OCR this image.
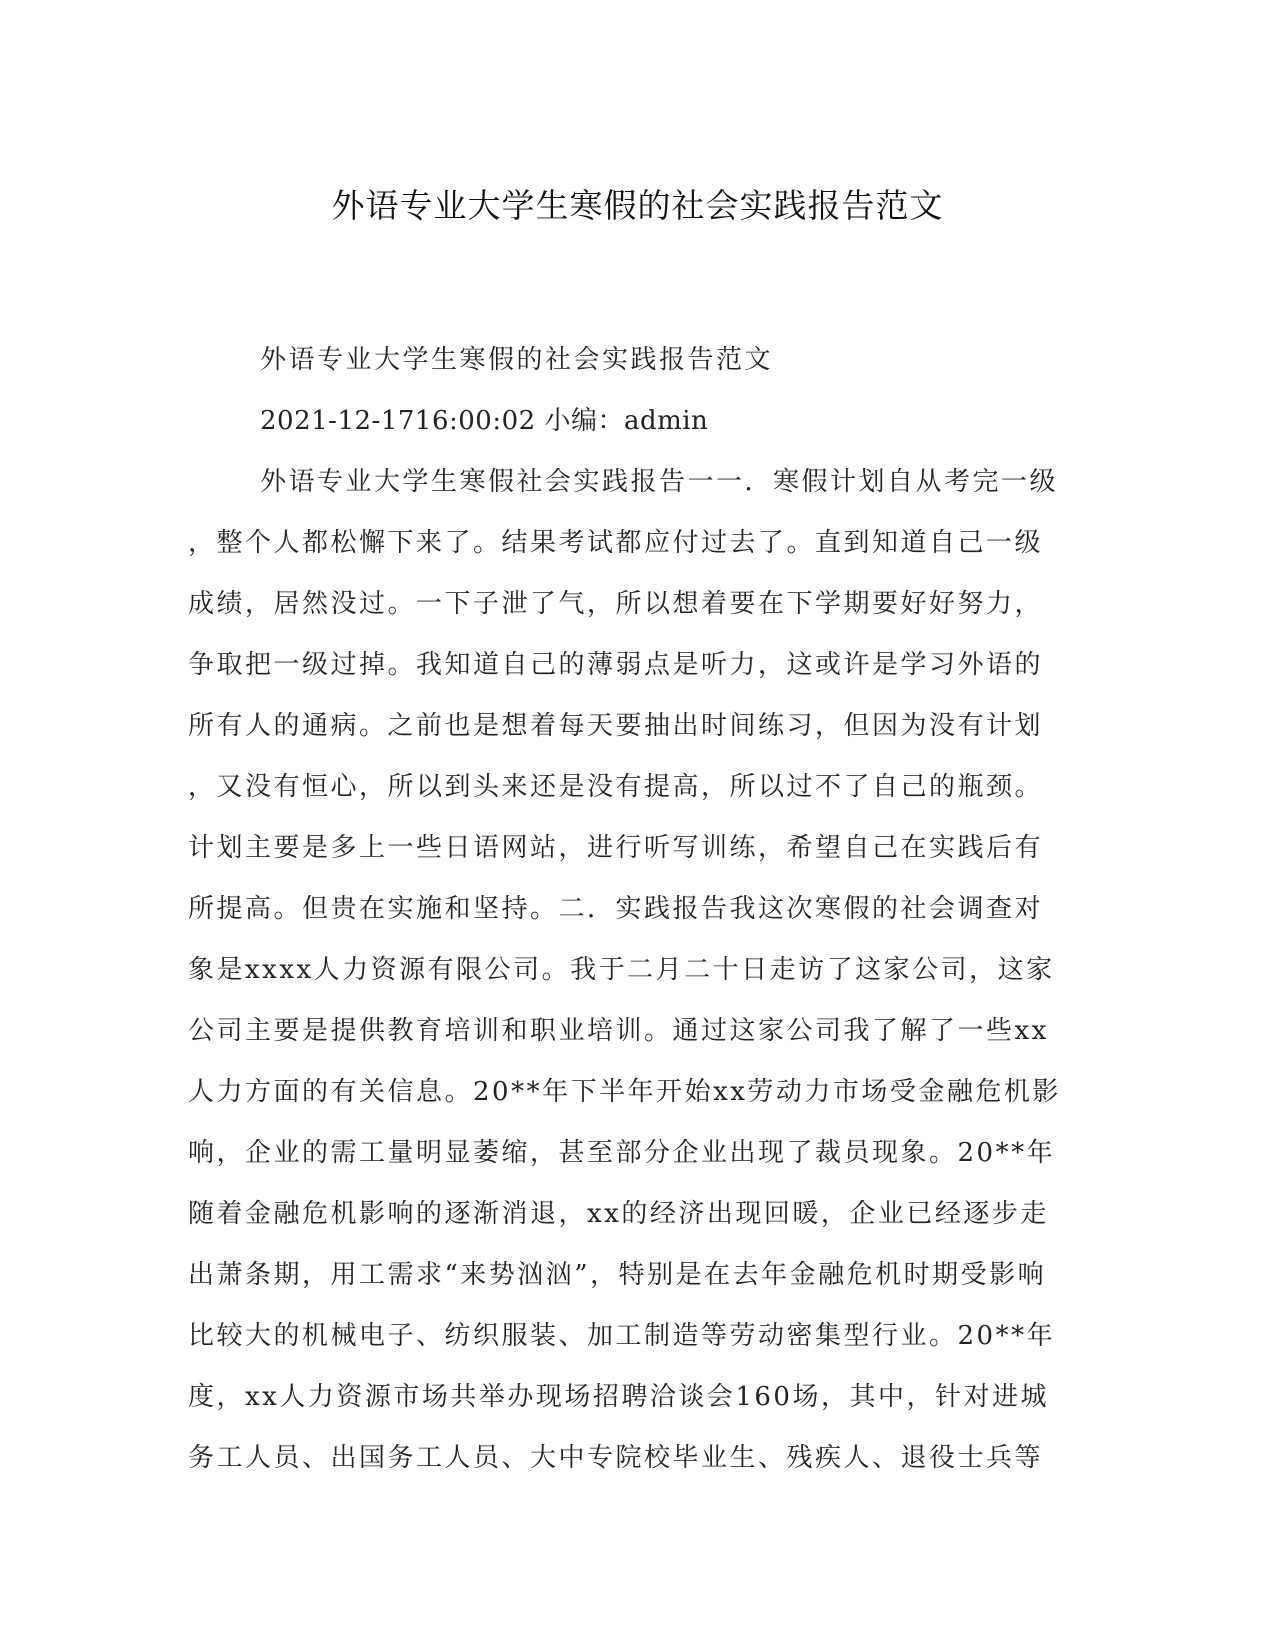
外语专业大学生寒假的社会实践报告范文
外语专业大学生寒假的社会实践报告范文
2021-12-1716:00:02 小编：admin
外语专业大学生寒假社会实践报告一一．寒假计划自从考完一级
，整个人都松懈下来了。结果考试都应付过去了。直到知道自己一级
成绩，居然没过。一下子泄了气，所以想着要在下学期要好好努力，
争取把一级过掉。我知道自己的薄弱点是听力，这或许是学习外语的
所有人的通病。之前也是想着每天要抽出时间练习，但因为没有计划
，又没有恒心，所以到头来还是没有提高，所以过不了自己的瓶颈。
计划主要是多上一些日语网站，进行听写训练，希望自己在实践后有
所提高。但贵在实施和坚持。二．实践报告我这次寒假的社会调查对
象是xxxx人力资源有限公司。我于二月二十日走访了这家公司，这家
公司主要是提供教育培训和职业培训。通过这家公司我了解了一些xx
人力方面的有关信息。20**年下半年开始xx劳动力市场受金融危机影
响，企业的需工量明显萎缩，甚至部分企业出现了裁员现象。20**年
随着金融危机影响的逐渐消退，xx的经济出现回暖，企业已经逐步走
出萧条期，用工需求“来势汹汹”，特别是在去年金融危机时期受影响
比较大的机械电子、纺织服装、加工制造等劳动密集型行业。20**年
度，xx人力资源市场共举办现场招聘洽谈会160场，其中，针对进城
务工人员、出国务工人员、大中专院校毕业生、残疾人、退役士兵等
